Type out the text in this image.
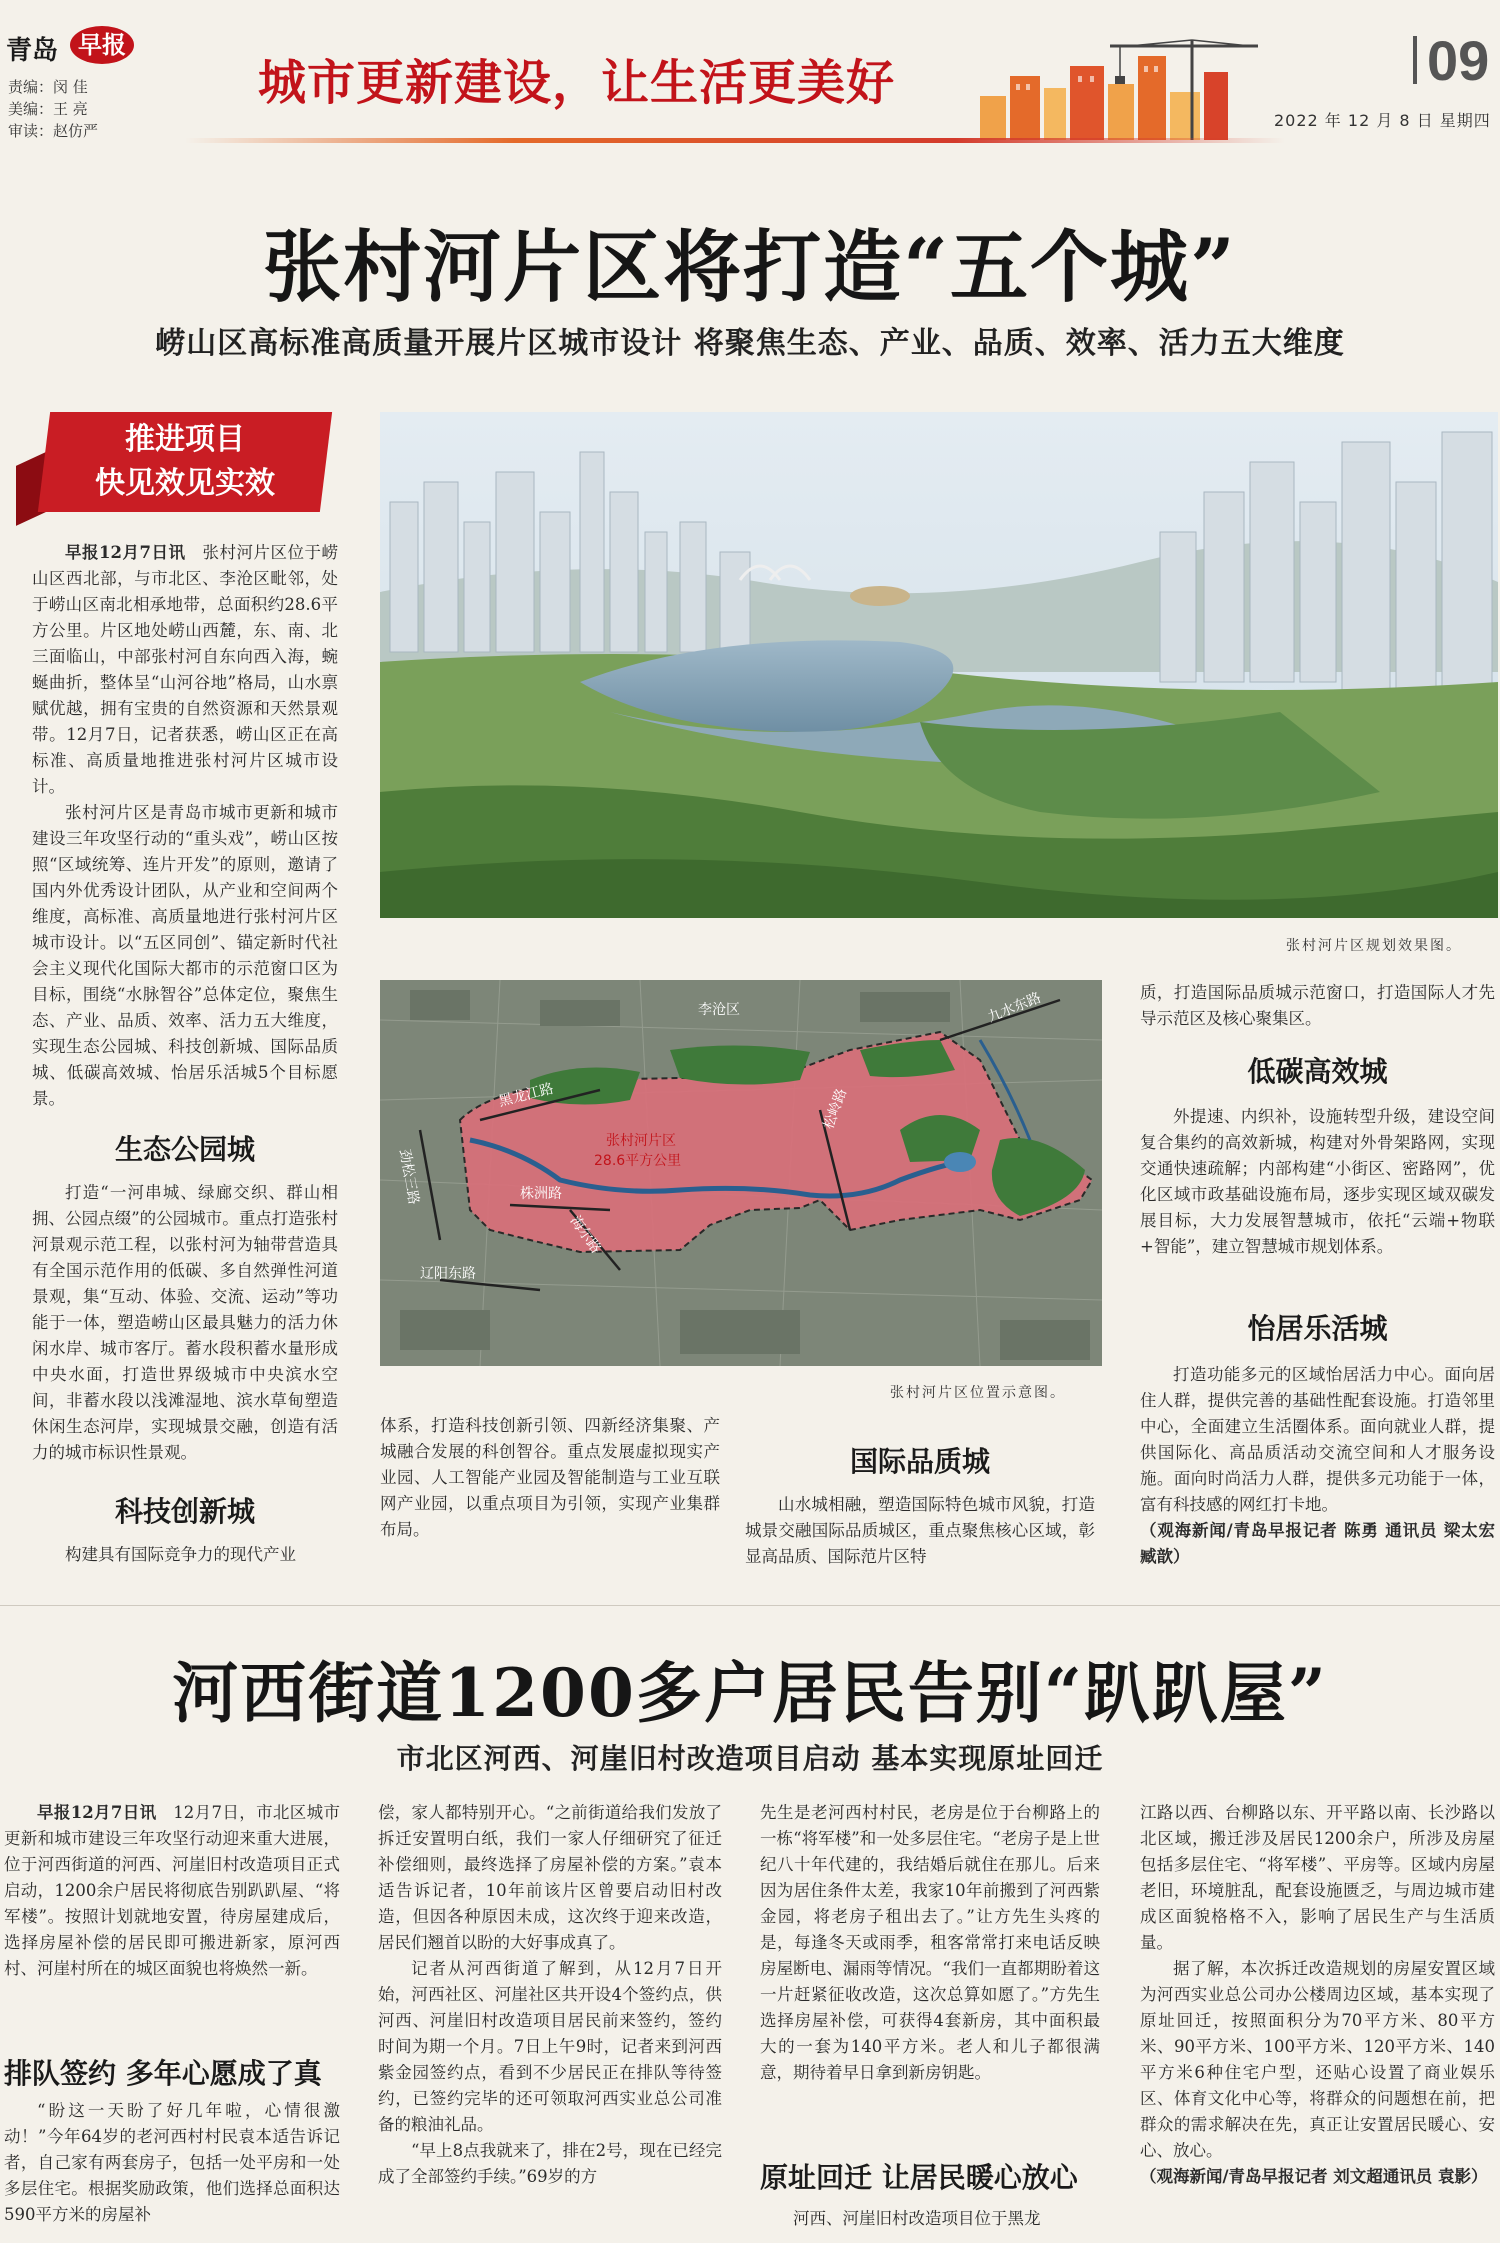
青岛 早报
责编：闵 佳
美编：王 亮
审读：赵仿严
城市更新建设，让生活更美好	09
2022 年 12 月 8 日 星期四
张村河片区将打造“五个城”
崂山区高标准高质量开展片区城市设计 将聚焦生态、产业、品质、效率、活力五大维度
推进项目
快见效见实效

早报12月7日讯　 张村河片区位于崂山区西北部，与市北区、李沧区毗邻，处于崂山区南北相承地带，总面积约28.6平方公里。片区地处崂山西麓，东、南、北三面临山，中部张村河自东向西入海，蜿蜒曲折，整体呈“山河谷地”格局，山水禀赋优越，拥有宝贵的自然资源和天然景观带。12月7日，记者获悉，崂山区正在高标准、高质量地推进张村河片区城市设计。

张村河片区是青岛市城市更新和城市建设三年攻坚行动的“重头戏”，崂山区按照“区域统筹、连片开发”的原则，邀请了国内外优秀设计团队，从产业和空间两个维度，高标准、高质量地进行张村河片区城市设计。以“五区同创”、锚定新时代社会主义现代化国际大都市的示范窗口区为目标，围绕“水脉智谷”总体定位，聚焦生态、产业、品质、效率、活力五大维度，实现生态公园城、科技创新城、国际品质城、低碳高效城、怡居乐活城5个目标愿景。

生态公园城

打造“一河串城、绿廊交织、群山相拥、公园点缀”的公园城市。重点打造张村河景观示范工程，以张村河为轴带营造具有全国示范作用的低碳、多自然弹性河道景观，集“互动、体验、交流、运动”等功能于一体，塑造崂山区最具魅力的活力休闲水岸、城市客厅。蓄水段积蓄水量形成中央水面，打造世界级城市中央滨水空间，非蓄水段以浅滩湿地、滨水草甸塑造休闲生态河岸，实现城景交融，创造有活力的城市标识性景观。

科技创新城

构建具有国际竞争力的现代产业

张村河片区规划效果图。
李沧区	九水东路
黑龙江路
劲松三路	株洲路
辽阳东路
松岭路
海尔路
张村河片区
28.6平方公里
张村河片区位置示意图。

体系，打造科技创新引领、四新经济集聚、产城融合发展的科创智谷。重点发展虚拟现实产业园、人工智能产业园及智能制造与工业互联网产业园，以重点项目为引领，实现产业集群布局。

国际品质城

山水城相融，塑造国际特色城市风貌，打造城景交融国际品质城区，重点聚焦核心区域，彰显高品质、国际范片区特

质，打造国际品质城示范窗口，打造国际人才先导示范区及核心聚集区。

低碳高效城

外提速、内织补，设施转型升级，建设空间复合集约的高效新城，构建对外骨架路网，实现交通快速疏解；内部构建“小街区、密路网”，优化区域市政基础设施布局，逐步实现区域双碳发展目标，大力发展智慧城市，依托“云端+物联+智能”，建立智慧城市规划体系。

怡居乐活城

打造功能多元的区域怡居活力中心。面向居住人群，提供完善的基础性配套设施。打造邻里中心，全面建立生活圈体系。面向就业人群，提供国际化、高品质活动交流空间和人才服务设施。面向时尚活力人群，提供多元功能于一体，富有科技感的网红打卡地。

（观海新闻/青岛早报记者 陈勇 通讯员 梁太宏 臧歆）

河西街道1200多户居民告别“趴趴屋”
市北区河西、河崖旧村改造项目启动 基本实现原址回迁

早报12月7日讯　 12月7日，市北区城市更新和城市建设三年攻坚行动迎来重大进展，位于河西街道的河西、河崖旧村改造项目正式启动，1200余户居民将彻底告别趴趴屋、“将军楼”。按照计划就地安置，待房屋建成后，选择房屋补偿的居民即可搬进新家，原河西村、河崖村所在的城区面貌也将焕然一新。

排队签约 多年心愿成了真

“盼这一天盼了好几年啦，心情很激动！”今年64岁的老河西村村民袁本适告诉记者，自己家有两套房子，包括一处平房和一处多层住宅。根据奖励政策，他们选择总面积达590平方米的房屋补

偿，家人都特别开心。“之前街道给我们发放了拆迁安置明白纸，我们一家人仔细研究了征迁补偿细则，最终选择了房屋补偿的方案。”袁本适告诉记者，10年前该片区曾要启动旧村改造，但因各种原因未成，这次终于迎来改造，居民们翘首以盼的大好事成真了。

记者从河西街道了解到，从12月7日开始，河西社区、河崖社区共开设4个签约点，供河西、河崖旧村改造项目居民前来签约，签约时间为期一个月。7日上午9时，记者来到河西紫金园签约点，看到不少居民正在排队等待签约，已签约完毕的还可领取河西实业总公司准备的粮油礼品。

“早上8点我就来了，排在2号，现在已经完成了全部签约手续。”69岁的方

先生是老河西村村民，老房是位于台柳路上的一栋“将军楼”和一处多层住宅。“老房子是上世纪八十年代建的，我结婚后就住在那儿。后来因为居住条件太差，我家10年前搬到了河西紫金园，将老房子租出去了。”让方先生头疼的是，每逢冬天或雨季，租客常常打来电话反映房屋断电、漏雨等情况。“我们一直都期盼着这一片赶紧征收改造，这次总算如愿了。”方先生选择房屋补偿，可获得4套新房，其中面积最大的一套为140平方米。老人和儿子都很满意，期待着早日拿到新房钥匙。

原址回迁 让居民暖心放心

河西、河崖旧村改造项目位于黑龙

江路以西、台柳路以东、开平路以南、长沙路以北区域，搬迁涉及居民1200余户，所涉及房屋包括多层住宅、“将军楼”、平房等。区域内房屋老旧，环境脏乱，配套设施匮乏，与周边城市建成区面貌格格不入，影响了居民生产与生活质量。

据了解，本次拆迁改造规划的房屋安置区域为河西实业总公司办公楼周边区域，基本实现了原址回迁，按照面积分为70平方米、80平方米、90平方米、100平方米、120平方米、140平方米6种住宅户型，还贴心设置了商业娱乐区、体育文化中心等，将群众的问题想在前，把群众的需求解决在先，真正让安置居民暖心、安心、放心。

（观海新闻/青岛早报记者 刘文超通讯员 袁影）
